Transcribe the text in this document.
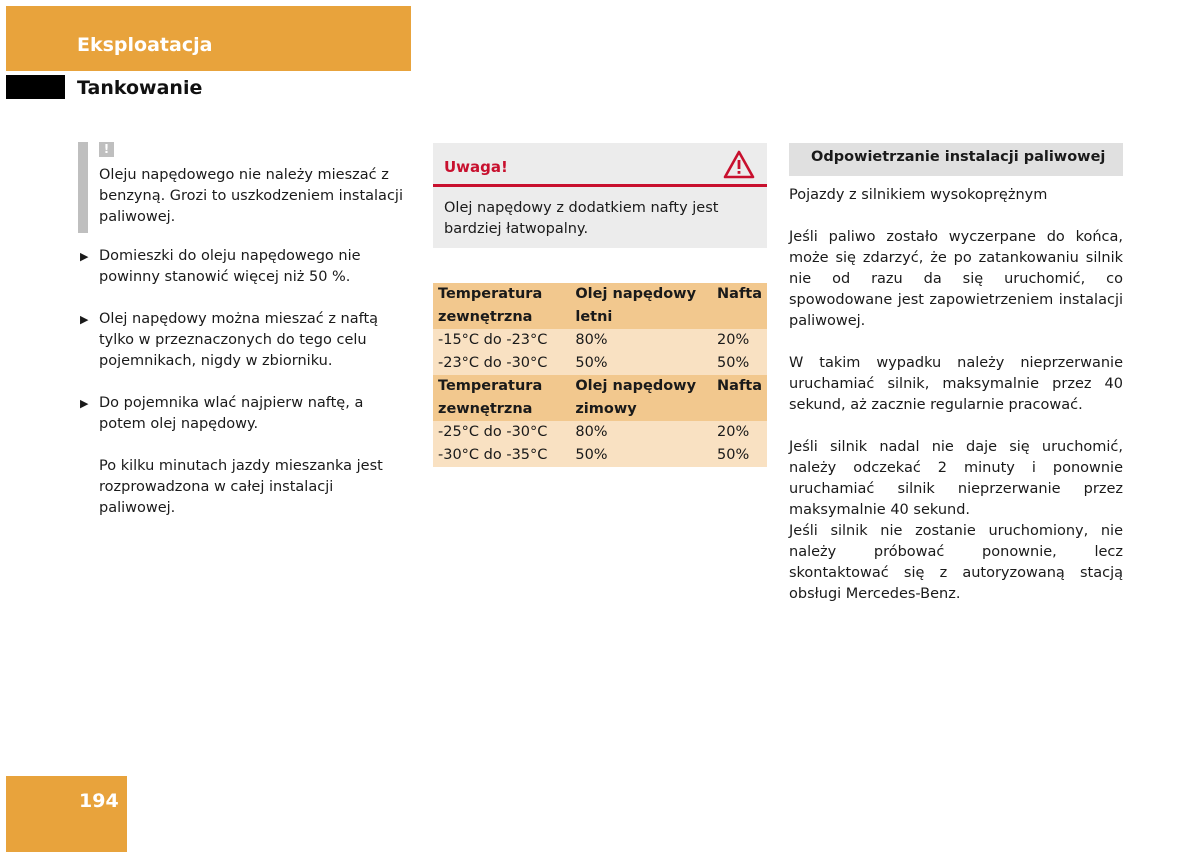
Eksploatacja
Tankowanie
!
Oleju napędowego nie należy mieszać z benzyną. Grozi to uszkodzeniem instalacji paliwowej.
▶ Domieszki do oleju napędowego nie powinny stanowić więcej niż 50 %.
▶ Olej napędowy można mieszać z naftą tylko w przeznaczonych do tego celu pojemnikach, nigdy w zbiorniku.
▶ Do pojemnika wlać najpierw naftę, a potem olej napędowy.
Po kilku minutach jazdy mieszanka jest rozprowadzona w całej instalacji paliwowej.
Uwaga!
Olej napędowy z dodatkiem nafty jest bardziej łatwopalny.
Temperatura zewnętrzna	Olej napędowy letni	Nafta
-15°C do -23°C	80%	20%
-23°C do -30°C	50%	50%
Temperatura zewnętrzna	Olej napędowy zimowy	Nafta
-25°C do -30°C	80%	20%
-30°C do -35°C	50%	50%
Odpowietrzanie instalacji paliwowej

Pojazdy z silnikiem wysokoprężnym

Jeśli paliwo zostało wyczerpane do końca, może się zdarzyć, że po zatankowaniu silnik nie od razu da się uruchomić, co spowodowane jest zapowietrzeniem instalacji paliwowej.

W takim wypadku należy nieprzerwanie uruchamiać silnik, maksymalnie przez 40 sekund, aż zacznie regularnie pracować.

Jeśli silnik nadal nie daje się uruchomić, należy odczekać 2 minuty i ponownie uruchamiać silnik nieprzerwanie przez maksymalnie 40 sekund.

Jeśli silnik nie zostanie uruchomiony, nie należy próbować ponownie, lecz skontaktować się z autoryzowaną stacją obsługi Mercedes-Benz.

194
